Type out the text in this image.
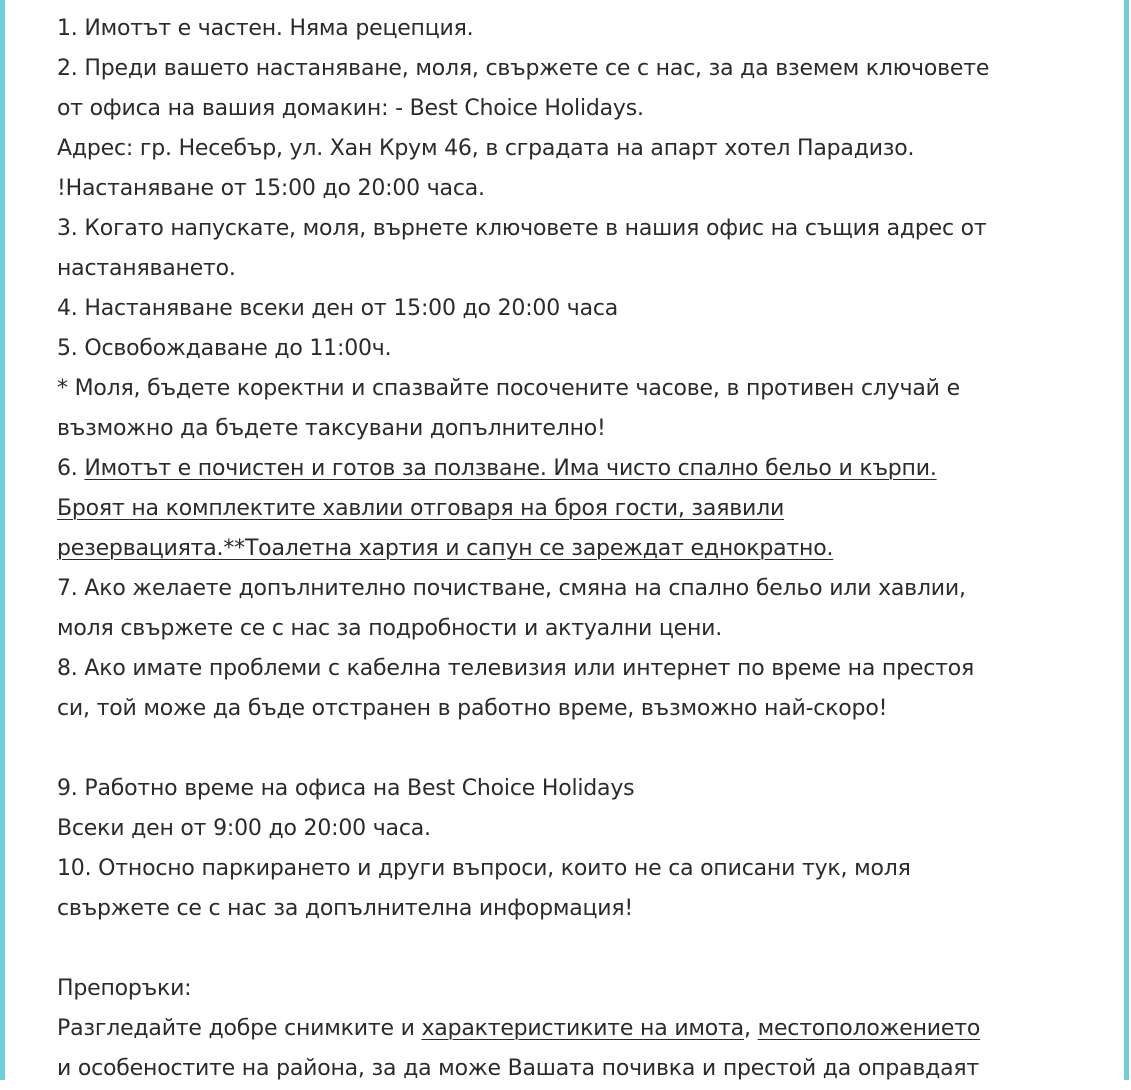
1. Имотът е частен. Няма рецепция.
2. Преди вашето настаняване, моля, свържете се с нас, за да вземем ключовете
от офиса на вашия домакин: - Best Choice Holidays.
Адрес: гр. Несебър, ул. Хан Крум 46, в сградата на апарт хотел Парадизо.
!Настаняване от 15:00 до 20:00 часа.
3. Когато напускате, моля, върнете ключовете в нашия офис на същия адрес от
настаняването.
4. Настаняване всеки ден от 15:00 до 20:00 часа
5. Освобождаване до 11:00ч.
* Моля, бъдете коректни и спазвайте посочените часове, в противен случай е
възможно да бъдете таксувани допълнително!
6. Имотът е почистен и готов за ползване. Има чисто спално бельо и кърпи.
Броят на комплектите хавлии отговаря на броя гости, заявили
резервацията.**Тоалетна хартия и сапун се зареждат еднократно.
7. Ако желаете допълнително почистване, смяна на спално бельо или хавлии,
моля свържете се с нас за подробности и актуални цени.
8. Ако имате проблеми с кабелна телевизия или интернет по време на престоя
си, той може да бъде отстранен в работно време, възможно най-скоро!
9. Работно време на офиса на Best Choice Holidays
Всеки ден от 9:00 до 20:00 часа.
10. Относно паркирането и други въпроси, които не са описани тук, моля
свържете се с нас за допълнителна информация!
Препоръки:
Разгледайте добре снимките и характеристиките на имота, местоположението
и особеностите на района, за да може Вашата почивка и престой да оправдаят
